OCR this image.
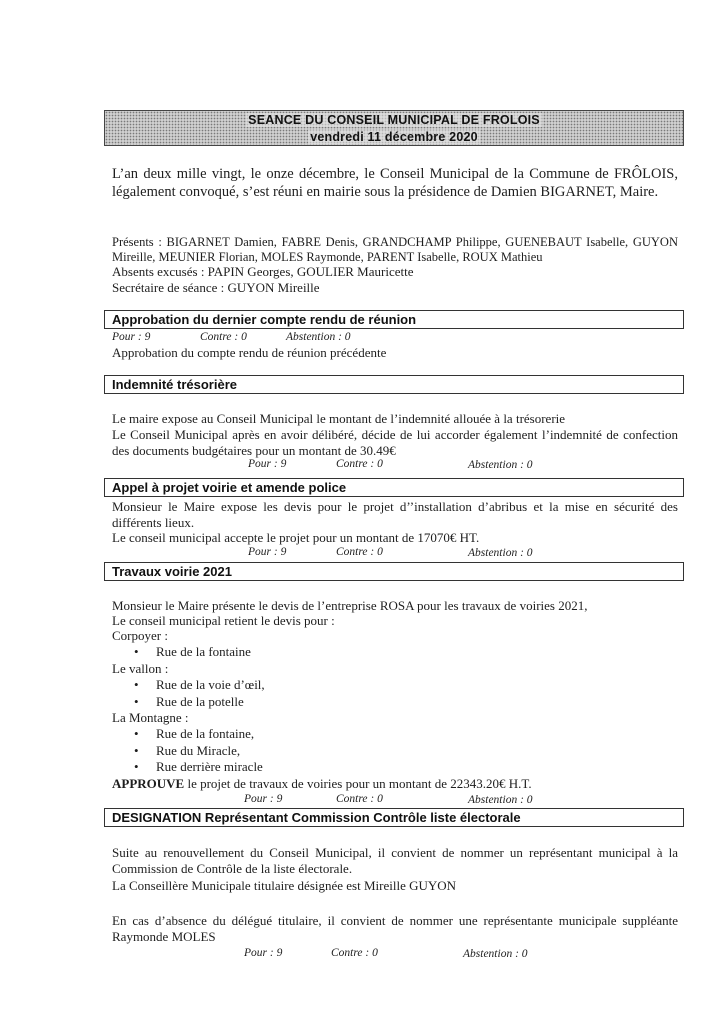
SEANCE DU CONSEIL MUNICIPAL DE FROLOIS
vendredi 11 décembre 2020
L’an deux mille vingt, le onze décembre, le Conseil Municipal de la Commune de FRÔLOIS, légalement convoqué, s’est réuni en mairie sous la présidence de Damien BIGARNET, Maire.
Présents : BIGARNET Damien, FABRE Denis, GRANDCHAMP Philippe, GUENEBAUT Isabelle, GUYON Mireille, MEUNIER Florian, MOLES Raymonde, PARENT Isabelle, ROUX Mathieu
Absents excusés : PAPIN Georges, GOULIER Mauricette
Secrétaire de séance : GUYON Mireille
Approbation du dernier compte rendu de réunion
Pour : 9	Contre : 0	Abstention : 0
Approbation du compte rendu de réunion précédente
Indemnité trésorière
Le maire expose au Conseil Municipal le montant de l’indemnité allouée à la trésorerie
Le Conseil Municipal après en avoir délibéré, décide de lui accorder également l’indemnité de confection des documents budgétaires pour un montant de 30.49€
Pour : 9	Contre : 0	Abstention : 0
Appel à projet voirie et amende police
Monsieur le Maire expose les devis pour le projet d’’installation d’abribus et la mise en sécurité des différents lieux.
Le conseil municipal accepte le projet pour un montant de 17070€ HT.
Pour : 9	Contre : 0	Abstention : 0
Travaux voirie 2021
Monsieur le Maire présente le devis de l’entreprise ROSA pour les travaux de voiries 2021,
Le conseil municipal retient le devis pour :
Corpoyer :
• Rue de la fontaine
Le vallon :
• Rue de la voie d’œil,
• Rue de la potelle
La Montagne :
• Rue de la fontaine,
• Rue du Miracle,
• Rue derrière miracle
APPROUVE le projet de travaux de voiries pour un montant de 22343.20€ H.T.
Pour : 9	Contre : 0	Abstention : 0
DESIGNATION Représentant Commission Contrôle liste électorale
Suite au renouvellement du Conseil Municipal, il convient de nommer un représentant municipal à la Commission de Contrôle de la liste électorale.
La Conseillère Municipale titulaire désignée est Mireille GUYON
En cas d’absence du délégué titulaire, il convient de nommer une représentante municipale suppléante Raymonde MOLES
Pour : 9	Contre : 0	Abstention : 0
